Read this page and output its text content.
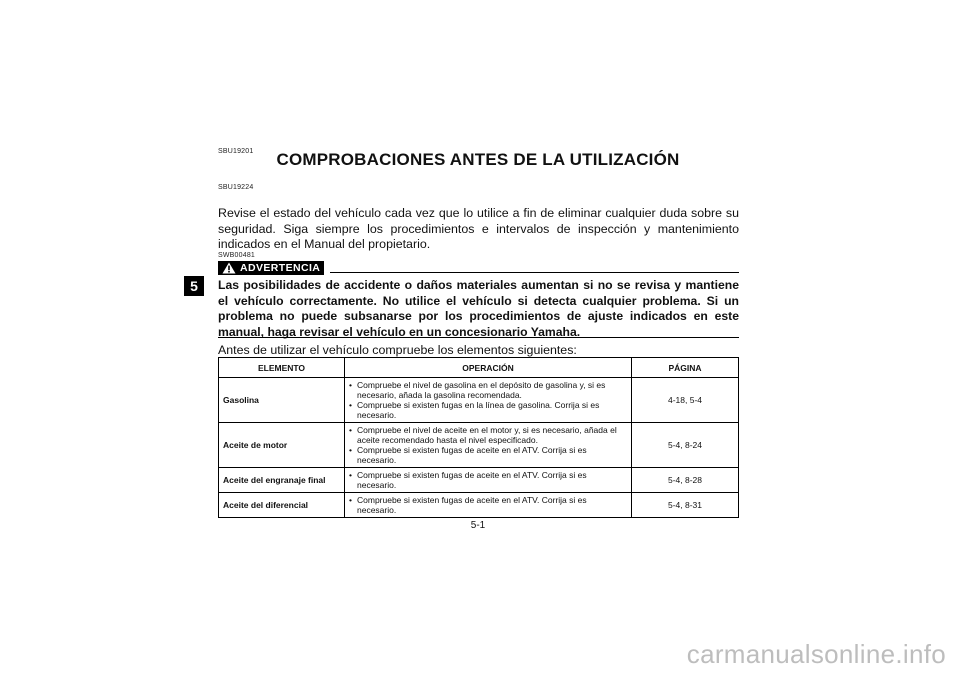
5
SBU19201	COMPROBACIONES ANTES DE LA UTILIZACIÓN
SBU19224
Revise el estado del vehículo cada vez que lo utilice a fin de eliminar cualquier duda sobre su seguridad. Siga siempre los procedimientos e intervalos de inspección y mantenimiento indicados en el Manual del propietario.
SWB00481
ADVERTENCIA
Las posibilidades de accidente o daños materiales aumentan si no se revisa y mantiene el vehículo correctamente. No utilice el vehículo si detecta cualquier problema. Si un problema no puede subsanarse por los procedimientos de ajuste indicados en este manual, haga revisar el vehículo en un concesionario Yamaha.
Antes de utilizar el vehículo compruebe los elementos siguientes:
ELEMENTO	OPERACIÓN	PÁGINA
Gasolina	• Compruebe el nivel de gasolina en el depósito de gasolina y, si es necesario, añada la gasolina recomendada.
• Compruebe si existen fugas en la línea de gasolina. Corrija si es necesario.	4-18, 5-4
Aceite de motor	• Compruebe el nivel de aceite en el motor y, si es necesario, añada el aceite recomendado hasta el nivel especificado.
• Compruebe si existen fugas de aceite en el ATV. Corrija si es necesario.	5-4, 8-24
Aceite del engranaje final	• Compruebe si existen fugas de aceite en el ATV. Corrija si es necesario.	5-4, 8-28
Aceite del diferencial	• Compruebe si existen fugas de aceite en el ATV. Corrija si es necesario.	5-4, 8-31
5-1
carmanualsonline.info
